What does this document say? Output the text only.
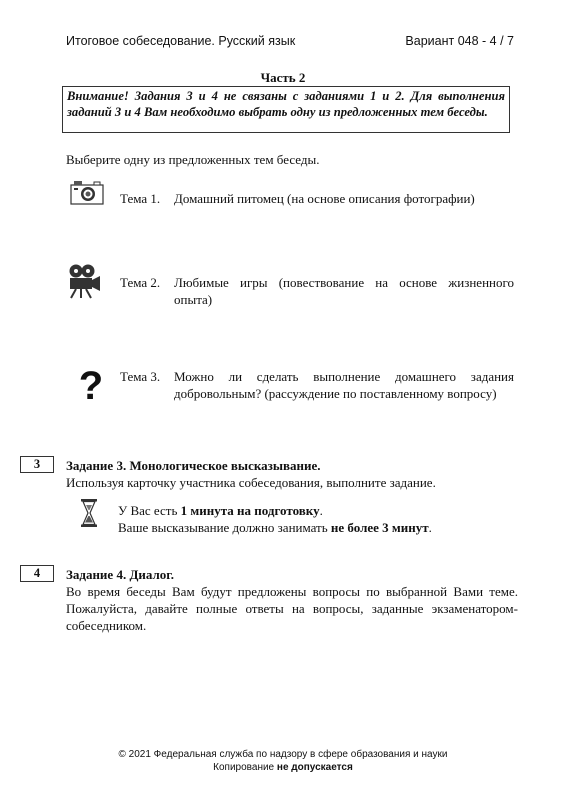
Итоговое собеседование. Русский язык	Вариант 048 - 4 / 7
Часть 2
Внимание! Задания 3 и 4 не связаны с заданиями 1 и 2. Для выполнения заданий 3 и 4 Вам необходимо выбрать одну из предложенных тем беседы.
Выберите одну из предложенных тем беседы.
Тема 1. Домашний питомец (на основе описания фотографии)
Тема 2. Любимые игры (повествование на основе жизненного опыта)
? Тема 3. Можно ли сделать выполнение домашнего задания добровольным? (рассуждение по поставленному вопросу)
3	Задание 3. Монологическое высказывание.
Используя карточку участника собеседования, выполните задание.
У Вас есть 1 минута на подготовку.
Ваше высказывание должно занимать не более 3 минут.
4	Задание 4. Диалог.
Во время беседы Вам будут предложены вопросы по выбранной Вами теме. Пожалуйста, давайте полные ответы на вопросы, заданные экзаменатором-собеседником.
© 2021 Федеральная служба по надзору в сфере образования и науки
Копирование не допускается
